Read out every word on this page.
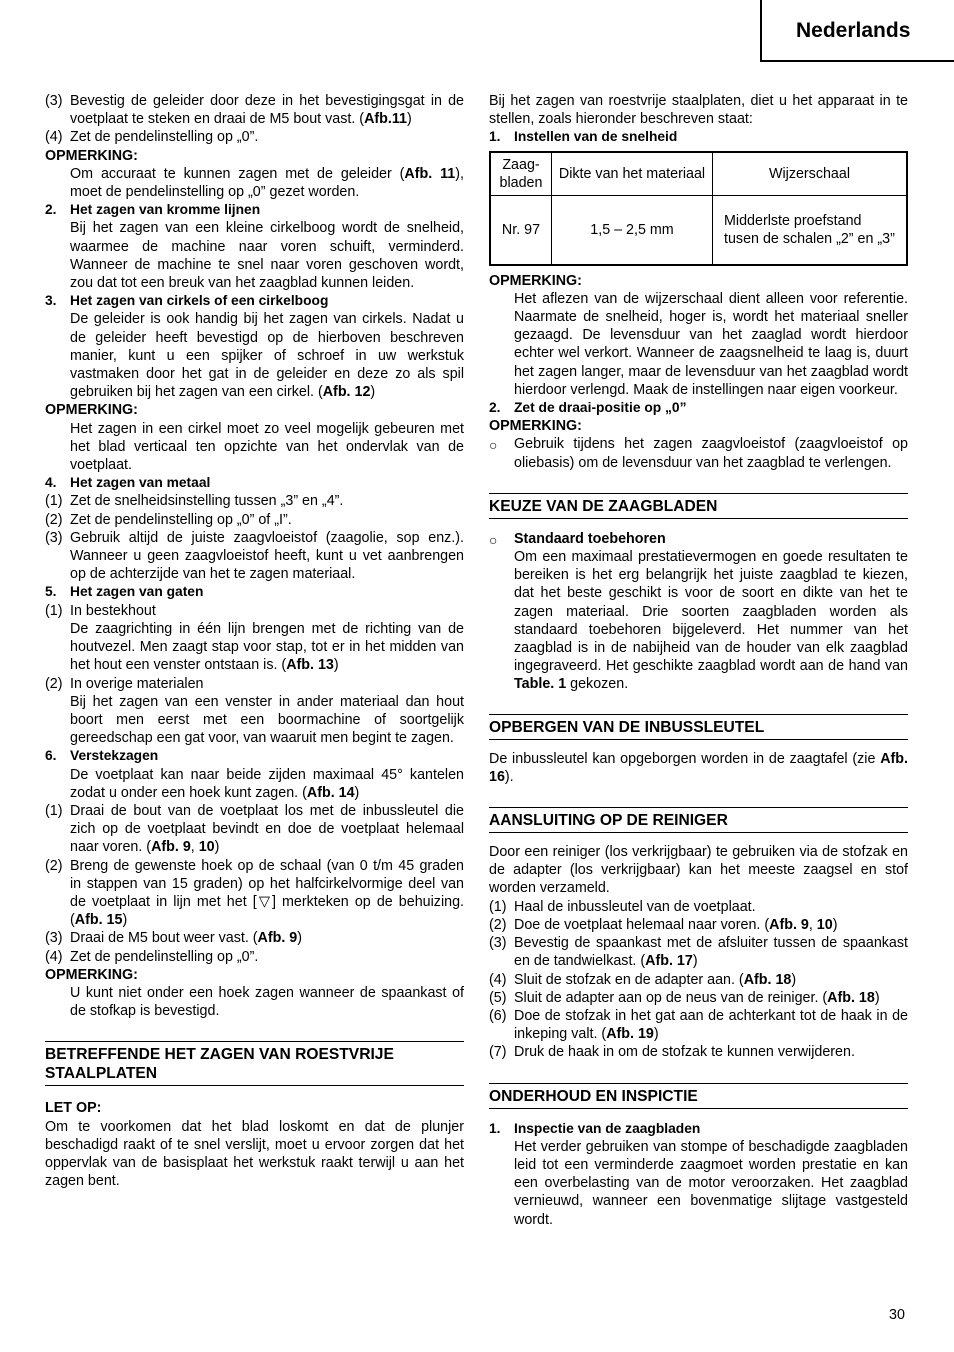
Nederlands
(3) Bevestig de geleider door deze in het bevestigingsgat in de voetplaat te steken en draai de M5 bout vast. (Afb.11)
(4) Zet de pendelinstelling op „0”.

OPMERKING:

Om accuraat te kunnen zagen met de geleider (Afb. 11), moet de pendelinstelling op „0” gezet worden.
2. Het zagen van kromme lijnen
Bij het zagen van een kleine cirkelboog wordt de snelheid, waarmee de machine naar voren schuift, verminderd. Wanneer de machine te snel naar voren geschoven wordt, zou dat tot een breuk van het zaagblad kunnen leiden.
3. Het zagen van cirkels of een cirkelboog
De geleider is ook handig bij het zagen van cirkels. Nadat u de geleider heeft bevestigd op de hierboven beschreven manier, kunt u een spijker of schroef in uw werkstuk vastmaken door het gat in de geleider en deze zo als spil gebruiken bij het zagen van een cirkel. (Afb. 12)

OPMERKING:

Het zagen in een cirkel moet zo veel mogelijk gebeuren met het blad verticaal ten opzichte van het ondervlak van de voetplaat.
4. Het zagen van metaal
(1) Zet de snelheidsinstelling tussen „3” en „4”.
(2) Zet de pendelinstelling op „0” of „I”.
(3) Gebruik altijd de juiste zaagvloeistof (zaagolie, sop enz.). Wanneer u geen zaagvloeistof heeft, kunt u vet aanbrengen op de achterzijde van het te zagen materiaal.
5. Het zagen van gaten
(1) In bestekhout
De zaagrichting in één lijn brengen met de richting van de houtvezel. Men zaagt stap voor stap, tot er in het midden van het hout een venster ontstaan is. (Afb. 13)
(2) In overige materialen
Bij het zagen van een venster in ander materiaal dan hout boort men eerst met een boormachine of soortgelijk gereedschap een gat voor, van waaruit men begint te zagen.
6. Verstekzagen
De voetplaat kan naar beide zijden maximaal 45° kantelen zodat u onder een hoek kunt zagen. (Afb. 14)
(1) Draai de bout van de voetplaat los met de inbussleutel die zich op de voetplaat bevindt en doe de voetplaat helemaal naar voren. (Afb. 9, 10)
(2) Breng de gewenste hoek op de schaal (van 0 t/m 45 graden in stappen van 15 graden) op het halfcirkelvormige deel van de voetplaat in lijn met het [▽] merkteken op de behuizing. (Afb. 15)
(3) Draai de M5 bout weer vast. (Afb. 9)
(4) Zet de pendelinstelling op „0”.

OPMERKING:

U kunt niet onder een hoek zagen wanneer de spaankast of de stofkap is bevestigd.
BETREFFENDE HET ZAGEN VAN ROESTVRIJE STAALPLATEN

LET OP:

Om te voorkomen dat het blad loskomt en dat de plunjer beschadigd raakt of te snel verslijt, moet u ervoor zorgen dat het oppervlak van de basisplaat het werkstuk raakt terwijl u aan het zagen bent.

Bij het zagen van roestvrije staalplaten, diet u het apparaat in te stellen, zoals hieronder beschreven staat:

1. Instellen van de snelheid
Zaag-bladen	Dikte van het materiaal	Wijzerschaal
Nr. 97	1,5 – 2,5 mm	Midderlste proefstand tusen de schalen „2” en „3”

OPMERKING:

Het aflezen van de wijzerschaal dient alleen voor referentie. Naarmate de snelheid, hoger is, wordt het materiaal sneller gezaagd. De levensduur van het zaaglad wordt hierdoor echter wel verkort. Wanneer de zaagsnelheid te laag is, duurt het zagen langer, maar de levensduur van het zaagblad wordt hierdoor verlengd. Maak de instellingen naar eigen voorkeur.
2. Zet de draai-positie op „0”

OPMERKING:

○ Gebruik tijdens het zagen zaagvloeistof (zaagvloeistof op oliebasis) om de levensduur van het zaagblad te verlengen.
KEUZE VAN DE ZAAGBLADEN
○ Standaard toebehoren
Om een maximaal prestatievermogen en goede resultaten te bereiken is het erg belangrijk het juiste zaagblad te kiezen, dat het beste geschikt is voor de soort en dikte van het te zagen materiaal. Drie soorten zaagbladen worden als standaard toebehoren bijgeleverd. Het nummer van het zaagblad is in de nabijheid van de houder van elk zaagblad ingegraveerd. Het geschikte zaagblad wordt aan de hand van Table. 1 gekozen.
OPBERGEN VAN DE INBUSSLEUTEL

De inbussleutel kan opgeborgen worden in de zaagtafel (zie Afb. 16).

AANSLUITING OP DE REINIGER

Door een reiniger (los verkrijgbaar) te gebruiken via de stofzak en de adapter (los verkrijgbaar) kan het meeste zaagsel en stof worden verzameld.

(1) Haal de inbussleutel van de voetplaat.
(2) Doe de voetplaat helemaal naar voren. (Afb. 9, 10)
(3) Bevestig de spaankast met de afsluiter tussen de spaankast en de tandwielkast. (Afb. 17)
(4) Sluit de stofzak en de adapter aan. (Afb. 18)
(5) Sluit de adapter aan op de neus van de reiniger. (Afb. 18)
(6) Doe de stofzak in het gat aan de achterkant tot de haak in de inkeping valt. (Afb. 19)
(7) Druk de haak in om de stofzak te kunnen verwijderen.
ONDERHOUD EN INSPICTIE
1. Inspectie van de zaagbladen
Het verder gebruiken van stompe of beschadigde zaagbladen leid tot een verminderde zaagmoet worden prestatie en kan een overbelasting van de motor veroorzaken. Het zaagblad vernieuwd, wanneer een bovenmatige slijtage vastgesteld wordt.
30
